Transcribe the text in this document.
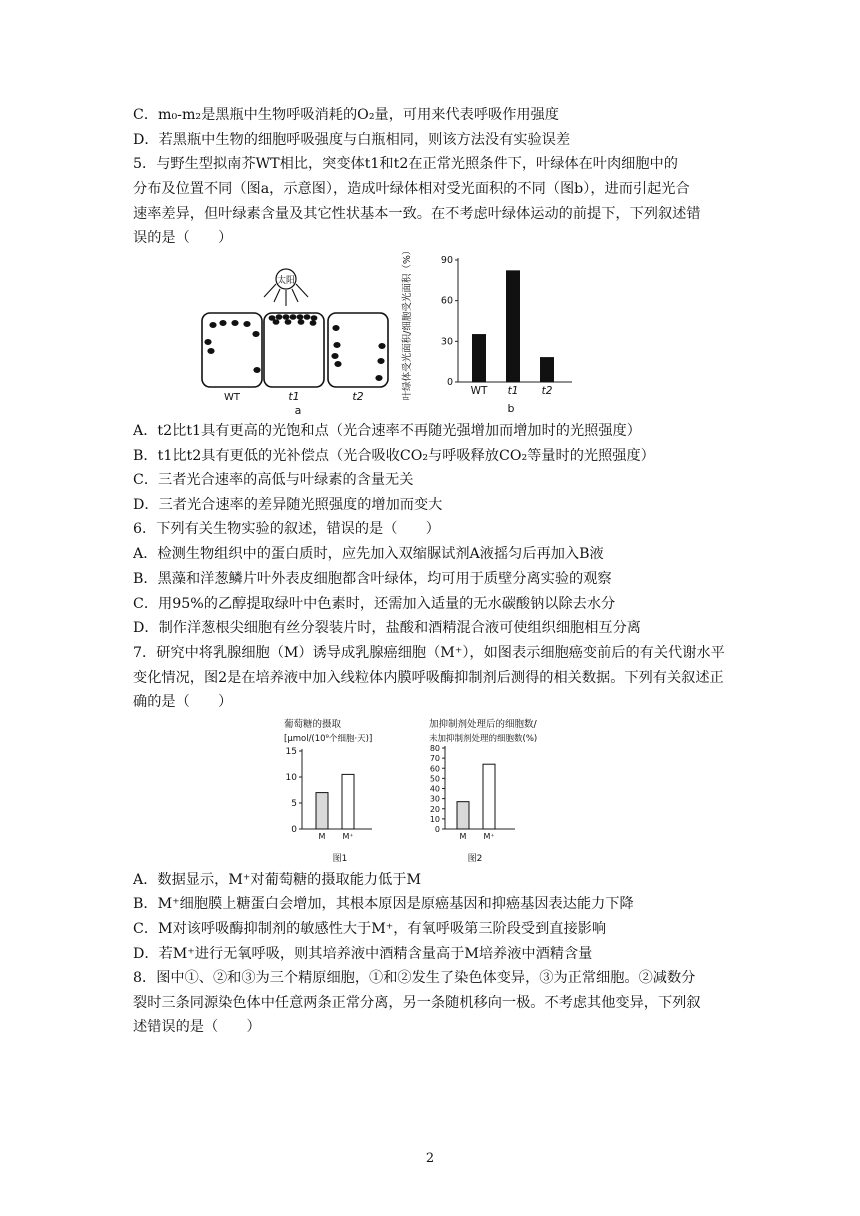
C．m₀-m₂是黑瓶中生物呼吸消耗的O₂量，可用来代表呼吸作用强度
D．若黑瓶中生物的细胞呼吸强度与白瓶相同，则该方法没有实验误差
5．与野生型拟南芥WT相比，突变体t1和t2在正常光照条件下，叶绿体在叶肉细胞中的
分布及位置不同（图a，示意图），造成叶绿体相对受光面积的不同（图b），进而引起光合
速率差异，但叶绿素含量及其它性状基本一致。在不考虑叶绿体运动的前提下，下列叙述错
误的是（　　）
太阳
WT	t1	t2
a
叶绿体受光面积/细胞受光面积（%）	0
30
60
90
WT t1 t2
b
A．t2比t1具有更高的光饱和点（光合速率不再随光强增加而增加时的光照强度）
B．t1比t2具有更低的光补偿点（光合吸收CO₂与呼吸释放CO₂等量时的光照强度）
C．三者光合速率的高低与叶绿素的含量无关
D．三者光合速率的差异随光照强度的增加而变大
6．下列有关生物实验的叙述，错误的是（　　）
A．检测生物组织中的蛋白质时，应先加入双缩脲试剂A液摇匀后再加入B液
B．黑藻和洋葱鳞片叶外表皮细胞都含叶绿体，均可用于质壁分离实验的观察
C．用95%的乙醇提取绿叶中色素时，还需加入适量的无水碳酸钠以除去水分
D．制作洋葱根尖细胞有丝分裂装片时，盐酸和酒精混合液可使组织细胞相互分离
7．研究中将乳腺细胞（M）诱导成乳腺癌细胞（M⁺），如图表示细胞癌变前后的有关代谢水平
变化情况，图2是在培养液中加入线粒体内膜呼吸酶抑制剂后测得的相关数据。下列有关叙述正
确的是（　　）
葡萄糖的摄取
[μmol/(10⁹个细胞·天)]
0
5
10
15
M M⁺
图1
加抑制剂处理后的细胞数/
未加抑制剂处理的细胞数(%)
0
10
20
30
40
50
60
70
80
M M⁺
图2
A．数据显示，M⁺对葡萄糖的摄取能力低于M
B．M⁺细胞膜上糖蛋白会增加，其根本原因是原癌基因和抑癌基因表达能力下降
C．M对该呼吸酶抑制剂的敏感性大于M⁺，有氧呼吸第三阶段受到直接影响
D．若M⁺进行无氧呼吸，则其培养液中酒精含量高于M培养液中酒精含量
8．图中①、②和③为三个精原细胞，①和②发生了染色体变异，③为正常细胞。②减数分
裂时三条同源染色体中任意两条正常分离，另一条随机移向一极。不考虑其他变异，下列叙
述错误的是（　　）
2
